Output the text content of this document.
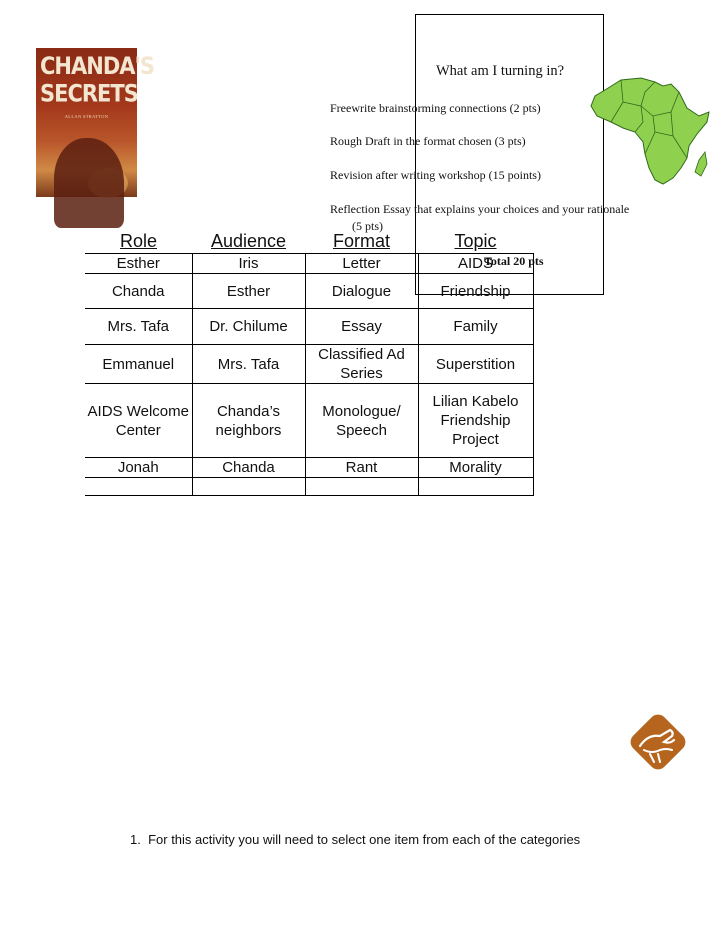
CHANDA'S
SECRETS
ALLAN STRATTON
What am I turning in?
Freewrite brainstorming connections (2 pts)
Rough Draft in the format chosen (3 pts)
Revision after writing workshop (15 points)
Reflection Essay that explains your choices and your rationale
(5 pts)
Total 20 pts
Role	Audience	Format	Topic
Esther	Iris	Letter	AIDS
Chanda	Esther	Dialogue	Friendship
Mrs. Tafa	Dr. Chilume	Essay	Family
Emmanuel	Mrs. Tafa	Classified Ad Series	Superstition
AIDS Welcome Center	Chanda’s neighbors	Monologue/ Speech	Lilian Kabelo Friendship Project
Jonah	Chanda	Rant	Morality

1. For this activity you will need to select one item from each of the categories
